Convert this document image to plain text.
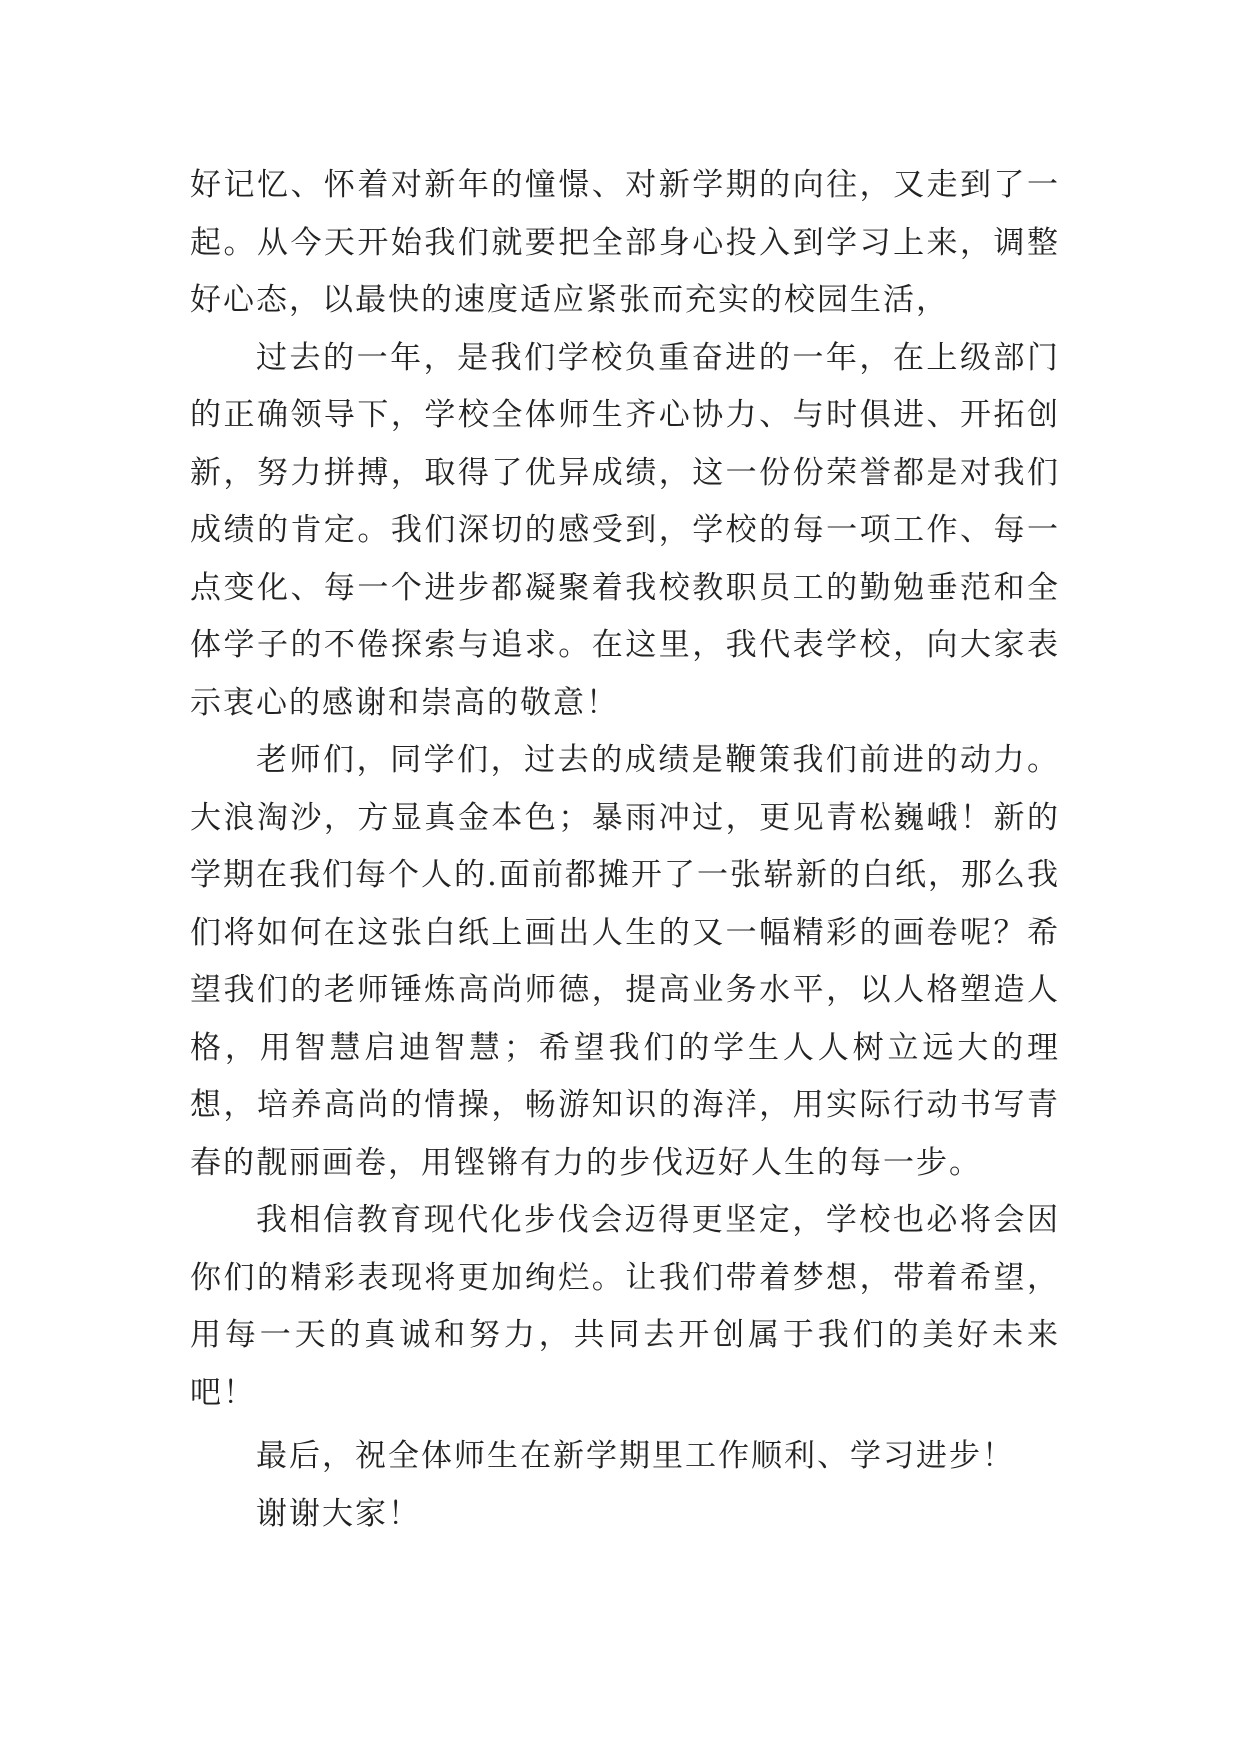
好记忆、怀着对新年的憧憬、对新学期的向往，又走到了一起。从今天开始我们就要把全部身心投入到学习上来，调整好心态，以最快的速度适应紧张而充实的校园生活，

过去的一年，是我们学校负重奋进的一年，在上级部门的正确领导下，学校全体师生齐心协力、与时俱进、开拓创新，努力拼搏，取得了优异成绩，这一份份荣誉都是对我们成绩的肯定。我们深切的感受到，学校的每一项工作、每一点变化、每一个进步都凝聚着我校教职员工的勤勉垂范和全体学子的不倦探索与追求。在这里，我代表学校，向大家表示衷心的感谢和崇高的敬意！

老师们，同学们，过去的成绩是鞭策我们前进的动力。大浪淘沙，方显真金本色；暴雨冲过，更见青松巍峨！新的学期在我们每个人的.面前都摊开了一张崭新的白纸，那么我们将如何在这张白纸上画出人生的又一幅精彩的画卷呢？希望我们的老师锤炼高尚师德，提高业务水平，以人格塑造人格，用智慧启迪智慧；希望我们的学生人人树立远大的理想，培养高尚的情操，畅游知识的海洋，用实际行动书写青春的靓丽画卷，用铿锵有力的步伐迈好人生的每一步。

我相信教育现代化步伐会迈得更坚定，学校也必将会因你们的精彩表现将更加绚烂。让我们带着梦想，带着希望，用每一天的真诚和努力，共同去开创属于我们的美好未来吧！

最后，祝全体师生在新学期里工作顺利、学习进步！

谢谢大家！
